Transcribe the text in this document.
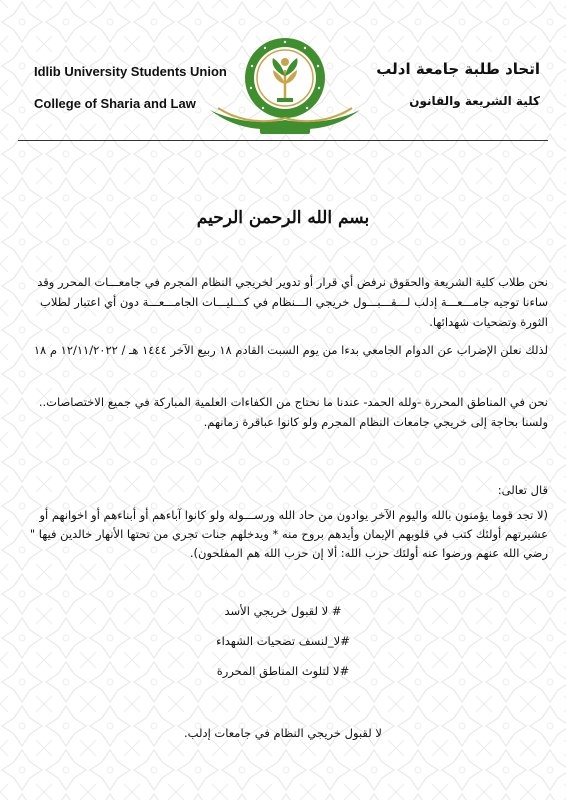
Idlib University Students Union
College of Sharia and Law
اتحاد طلبة جامعة ادلب
كلية الشريعة والقانون
بسم الله الرحمن الرحيم

نحن طلاب كلية الشريعة والحقوق نرفض أي قرار أو تدوير لخريجي النظام المجرم في جامعـــات المحرر وقد ساءنا توجيه جامـــعـــة إدلب لـــقـــبـــول خريجي الـــنظام في كـــليـــات الجامـــعـــة دون أي اعتبار لطلاب الثورة وتضحيات شهدائها.

لذلك نعلن الإضراب عن الدوام الجامعي بدءا من يوم السبت القادم ١٨ ربيع الآخر ١٤٤٤ هـ / ١٢/١١/٢٠٢٢ م ١٨

نحن في المناطق المحررة -ولله الحمد- عندنا ما نحتاج من الكفاءات العلمية المباركة في جميع الاختصاصات.. ولسنا بحاجة إلى خريجي جامعات النظام المجرم ولو كانوا عباقرة زمانهم.

قال تعالى:

(لا تجد قوما يؤمنون بالله واليوم الآخر يوادون من حاد الله ورســـوله ولو كانوا آباءهم أو أبناءهم أو اخوانهم أو عشيرتهم أولئك كتب في قلوبهم الإيمان وأيدهم بروح منه * ويدخلهم جنات تجري من تحتها الأنهار خالدين فيها " رضي الله عنهم ورضوا عنه أولئك حزب الله: ألا إن حزب الله هم المفلحون).

# لا لقبول خريجي الأسد
#لا_لنسف تضحيات الشهداء
#لا لتلوث المناطق المحررة
لا لقبول خريجي النظام في جامعات إدلب.
